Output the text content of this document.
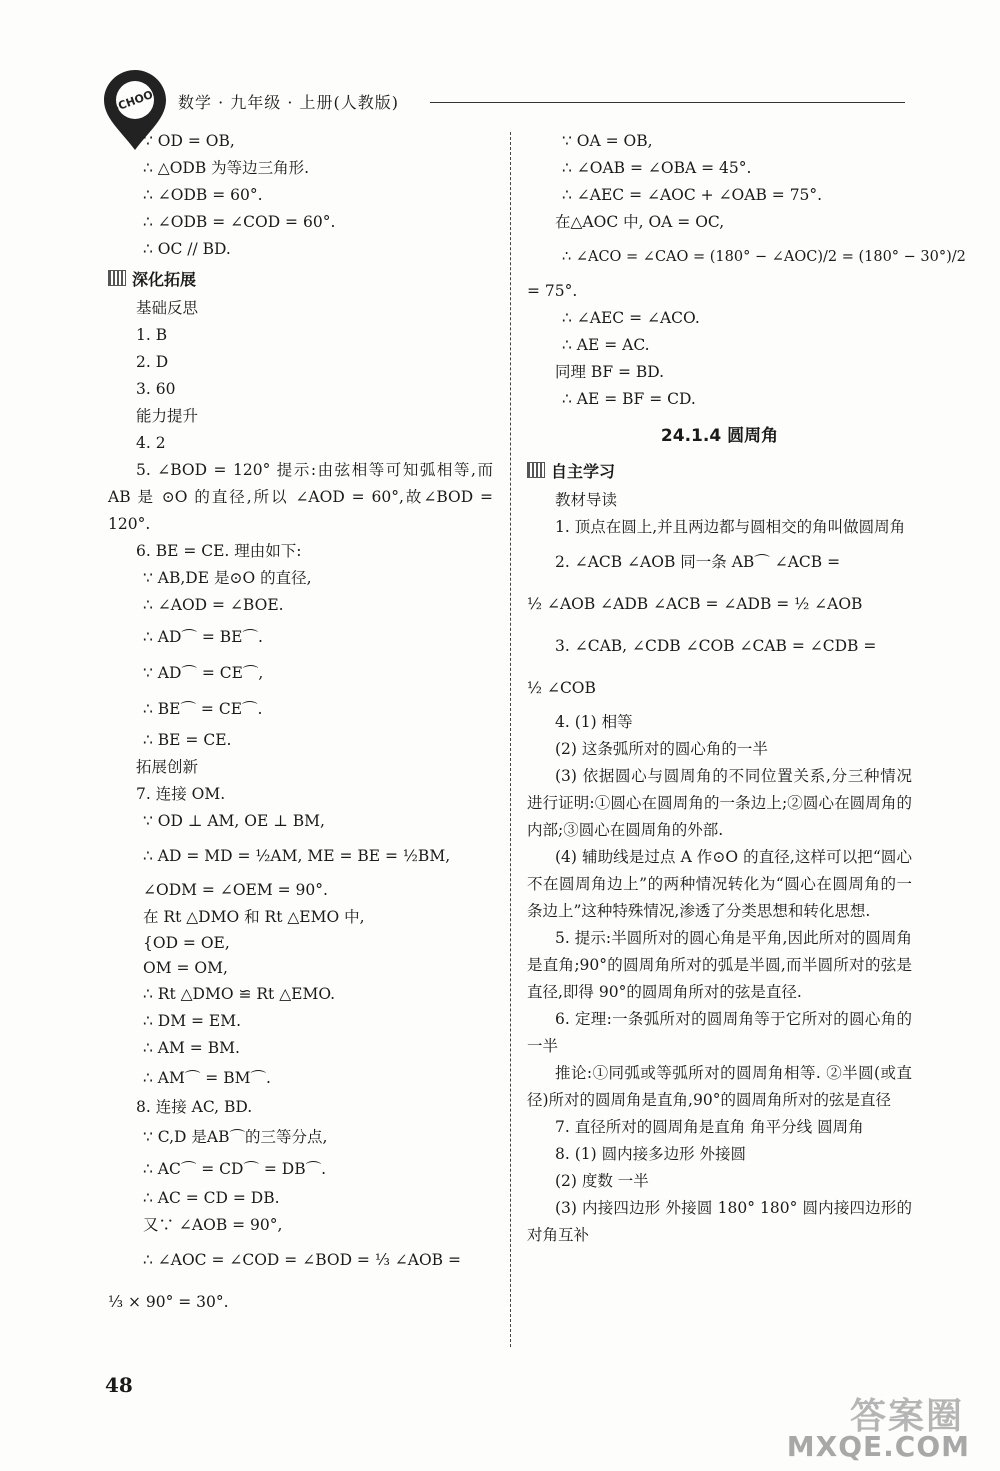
SCHOOL 数学 · 九年级 · 上册(人教版)
∵ OD = OB,
∴ △ODB 为等边三角形.
∴ ∠ODB = 60°.
∴ ∠ODB = ∠COD = 60°.
∴ OC // BD.
深化拓展
基础反思
1. B
2. D
3. 60
能力提升
4. 2
5. ∠BOD = 120° 提示:由弦相等可知弧相等,而 AB 是 ⊙O 的直径,所以 ∠AOD = 60°,故∠BOD = 120°.
6. BE = CE. 理由如下:
∵ AB,DE 是⊙O 的直径,
∴ ∠AOD = ∠BOE.
∴ AD⌒ = BE⌒.
∵ AD⌒ = CE⌒,
∴ BE⌒ = CE⌒.
∴ BE = CE.
拓展创新
7. 连接 OM.
∵ OD ⊥ AM, OE ⊥ BM,
∴ AD = MD = ½AM, ME = BE = ½BM,
∠ODM = ∠OEM = 90°.
在 Rt △DMO 和 Rt △EMO 中,
{OD = OE,
OM = OM,
∴ Rt △DMO ≌ Rt △EMO.
∴ DM = EM.
∴ AM = BM.
∴ AM⌒ = BM⌒.
8. 连接 AC, BD.
∵ C,D 是AB⌒的三等分点,
∴ AC⌒ = CD⌒ = DB⌒.
∴ AC = CD = DB.
又∵ ∠AOB = 90°,
∴ ∠AOC = ∠COD = ∠BOD = ⅓ ∠AOB =
⅓ × 90° = 30°.
∵ OA = OB,
∴ ∠OAB = ∠OBA = 45°.
∴ ∠AEC = ∠AOC + ∠OAB = 75°.
在△AOC 中, OA = OC,
∴ ∠ACO = ∠CAO = (180° − ∠AOC)/2 = (180° − 30°)/2
= 75°.
∴ ∠AEC = ∠ACO.
∴ AE = AC.
同理 BF = BD.
∴ AE = BF = CD.
24.1.4 圆周角
自主学习
教材导读
1. 顶点在圆上,并且两边都与圆相交的角叫做圆周角
2. ∠ACB ∠AOB 同一条 AB⌒ ∠ACB =
½ ∠AOB ∠ADB ∠ACB = ∠ADB = ½ ∠AOB
3. ∠CAB, ∠CDB ∠COB ∠CAB = ∠CDB =
½ ∠COB
4. (1) 相等
(2) 这条弧所对的圆心角的一半
(3) 依据圆心与圆周角的不同位置关系,分三种情况进行证明:①圆心在圆周角的一条边上;②圆心在圆周角的内部;③圆心在圆周角的外部.
(4) 辅助线是过点 A 作⊙O 的直径,这样可以把“圆心不在圆周角边上”的两种情况转化为“圆心在圆周角的一条边上”这种特殊情况,渗透了分类思想和转化思想.
5. 提示:半圆所对的圆心角是平角,因此所对的圆周角是直角;90°的圆周角所对的弧是半圆,而半圆所对的弦是直径,即得 90°的圆周角所对的弦是直径.
6. 定理:一条弧所对的圆周角等于它所对的圆心角的一半
推论:①同弧或等弧所对的圆周角相等. ②半圆(或直径)所对的圆周角是直角,90°的圆周角所对的弦是直径
7. 直径所对的圆周角是直角 角平分线 圆周角
8. (1) 圆内接多边形 外接圆
(2) 度数 一半
(3) 内接四边形 外接圆 180° 180° 圆内接四边形的对角互补
48
答案圈
MXQE.COM
